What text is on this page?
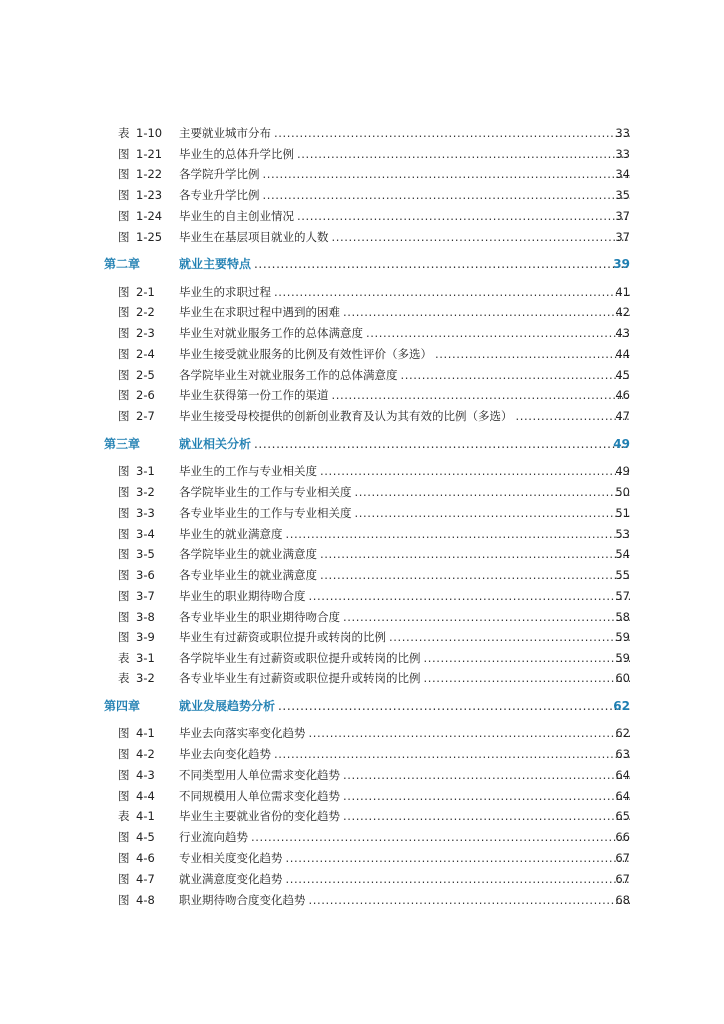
表 1-10 主要就业城市分布 .....	33
图 1-21 毕业生的总体升学比例 .....	33
图 1-22 各学院升学比例 .....	34
图 1-23 各专业升学比例 .....	35
图 1-24 毕业生的自主创业情况 .....	37
图 1-25 毕业生在基层项目就业的人数 .....	37
第二章	就业主要特点 .....	39
图 2-1 毕业生的求职过程 .....	41
图 2-2 毕业生在求职过程中遇到的困难 .....	42
图 2-3 毕业生对就业服务工作的总体满意度 .....	43
图 2-4 毕业生接受就业服务的比例及有效性评价（多选） .....	44
图 2-5 各学院毕业生对就业服务工作的总体满意度 .....	45
图 2-6 毕业生获得第一份工作的渠道 .....	46
图 2-7 毕业生接受母校提供的创新创业教育及认为其有效的比例（多选） .....	47
第三章	就业相关分析 .....	49
图 3-1 毕业生的工作与专业相关度 .....	49
图 3-2 各学院毕业生的工作与专业相关度 .....	50
图 3-3 各专业毕业生的工作与专业相关度 .....	51
图 3-4 毕业生的就业满意度 .....	53
图 3-5 各学院毕业生的就业满意度 .....	54
图 3-6 各专业毕业生的就业满意度 .....	55
图 3-7 毕业生的职业期待吻合度 .....	57
图 3-8 各专业毕业生的职业期待吻合度 .....	58
图 3-9 毕业生有过薪资或职位提升或转岗的比例 .....	59
表 3-1 各学院毕业生有过薪资或职位提升或转岗的比例 .....	59
表 3-2 各专业毕业生有过薪资或职位提升或转岗的比例 .....	60
第四章	就业发展趋势分析 .....	62
图 4-1 毕业去向落实率变化趋势 .....	62
图 4-2 毕业去向变化趋势 .....	63
图 4-3 不同类型用人单位需求变化趋势 .....	64
图 4-4 不同规模用人单位需求变化趋势 .....	64
表 4-1 毕业生主要就业省份的变化趋势 .....	65
图 4-5 行业流向趋势 .....	66
图 4-6 专业相关度变化趋势 .....	67
图 4-7 就业满意度变化趋势 .....	67
图 4-8 职业期待吻合度变化趋势 .....	68
